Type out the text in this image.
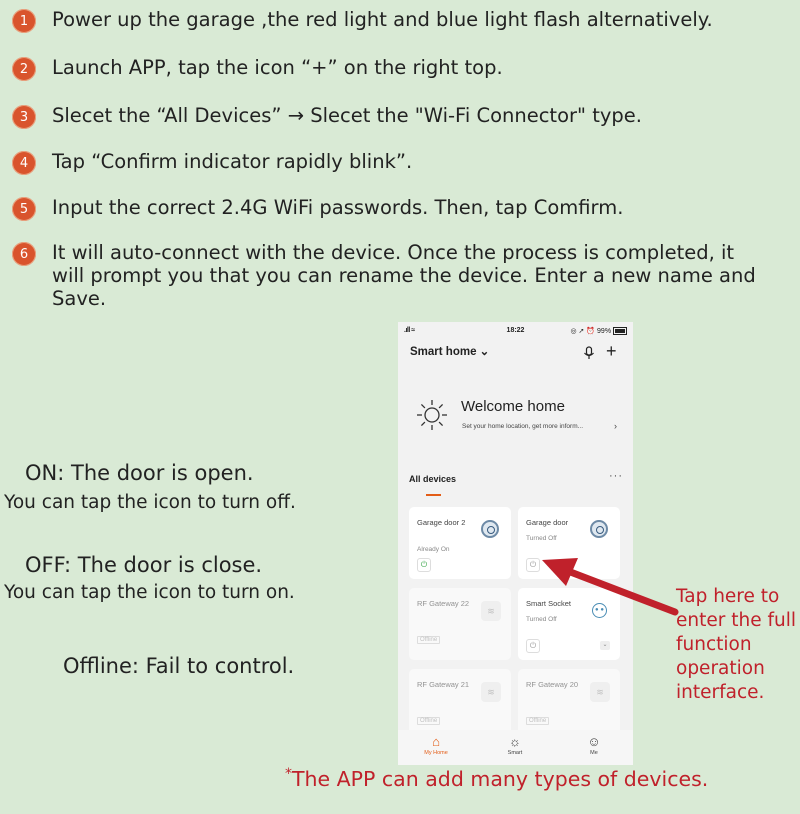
1	Power up the garage ,the red light and blue light flash alternatively.
2	Launch APP, tap the icon “+” on the right top.
3	Slecet the “All Devices” → Slecet the "Wi-Fi Connector" type.
4	Tap “Confirm indicator rapidly blink”.
5	Input the correct 2.4G WiFi passwords. Then, tap Comfirm.
6	It will auto-connect with the device. Once the process is completed, it will prompt you that you can rename the device. Enter a new name and Save.
ON: The door is open.
You can tap the icon to turn off.
OFF: The door is close.
You can tap the icon to turn on.
Offline: Fail to control.
.ıll ≈	18:22	◎ ➚ ⏰ 99%
Smart home ⌄	+
Welcome home
Set your home location, get more inform...	›
All devices	···
Garage door 2
Already On
⏻
Garage door
Turned Off
⏻
RF Gateway 22
≋
Offline
Smart Socket
Turned Off
● ●
⏻	⌄
RF Gateway 21
≋
Offline
RF Gateway 20
≋
Offline
⌂
My Home
☼
Smart
☺
Me
Tap here to enter the full function operation interface.
*The APP can add many types of devices.
